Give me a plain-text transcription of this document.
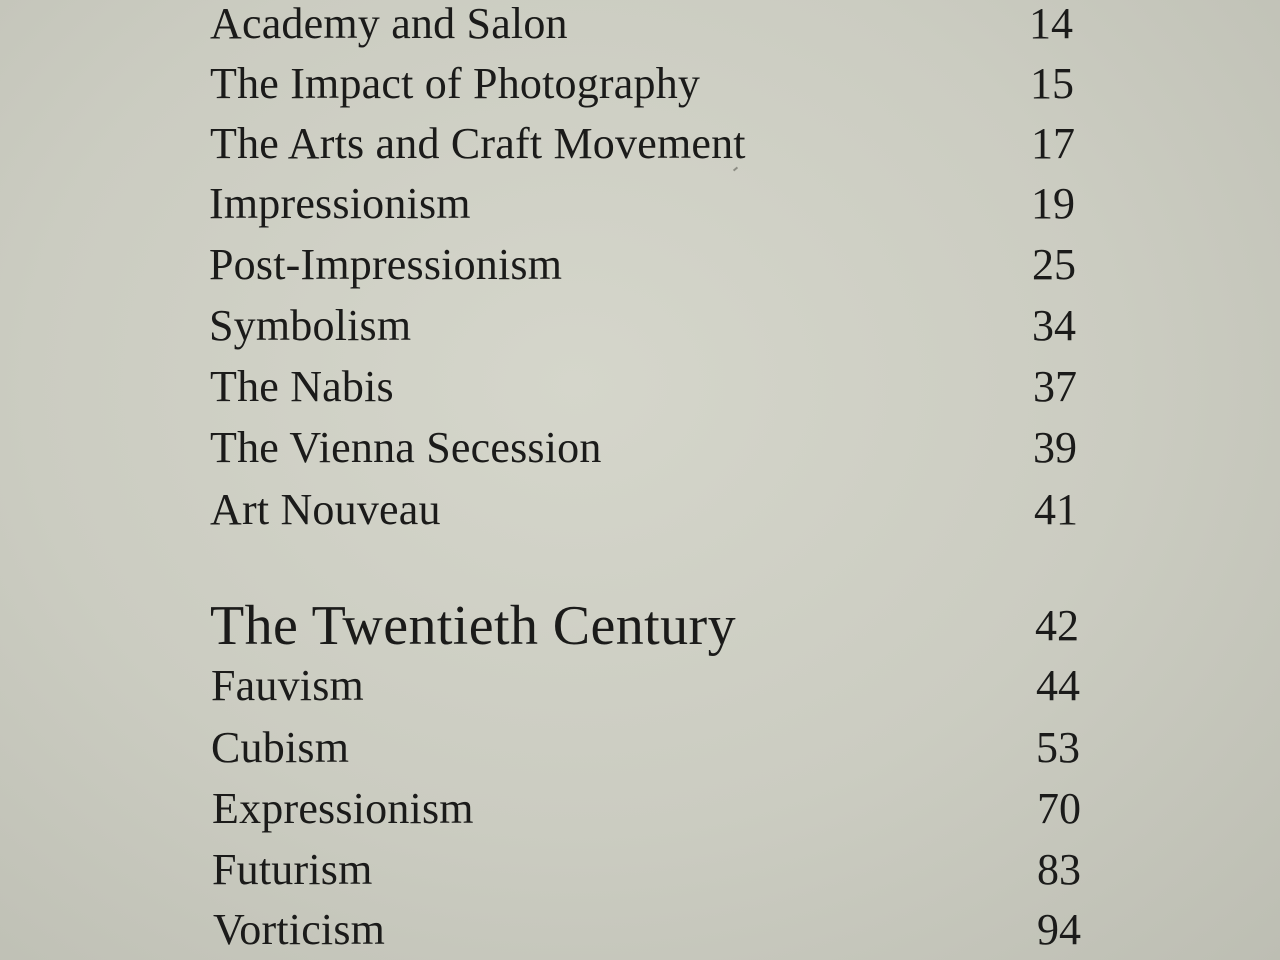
Academy and Salon	14
The Impact of Photography	15
The Arts and Craft Movement	17
Impressionism	19
Post-Impressionism	25
Symbolism	34
The Nabis	37
The Vienna Secession	39
Art Nouveau	41
The Twentieth Century	42
Fauvism	44
Cubism	53
Expressionism	70
Futurism	83
Vorticism	94
